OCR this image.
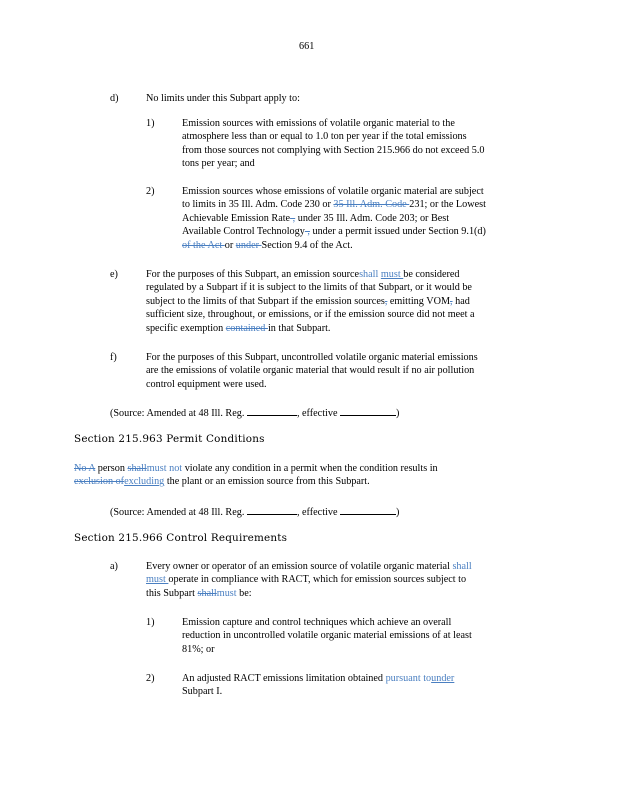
661
d)	No limits under this Subpart apply to:
1)	Emission sources with emissions of volatile organic material to the
atmosphere less than or equal to 1.0 ton per year if the total emissions
from those sources not complying with Section 215.966 do not exceed 5.0
tons per year; and
2)	Emission sources whose emissions of volatile organic material are subject
to limits in 35 Ill. Adm. Code 230 or 35 Ill. Adm. Code 231; or the Lowest
Achievable Emission Rate , under 35 Ill. Adm. Code 203; or Best
Available Control Technology , under a permit issued under Section 9.1(d)
of the Act or under Section 9.4 of the Act.
e)	For the purposes of this Subpart, an emission sourceshall must be considered
regulated by a Subpart if it is subject to the limits of that Subpart, or it would be
subject to the limits of that Subpart if the emission sources, emitting VOM, had
sufficient size, throughout, or emissions, or if the emission source did not meet a
specific exemption contained in that Subpart.
f)	For the purposes of this Subpart, uncontrolled volatile organic material emissions
are the emissions of volatile organic material that would result if no air pollution
control equipment were used.
(Source: Amended at 48 Ill. Reg.	, effective	)
Section 215.963 Permit Conditions
No A person shallmust not violate any condition in a permit when the condition results in
exclusion ofexcluding the plant or an emission source from this Subpart.
(Source: Amended at 48 Ill. Reg.	, effective	)
Section 215.966 Control Requirements
a)	Every owner or operator of an emission source of volatile organic material shall
must operate in compliance with RACT, which for emission sources subject to
this Subpart shallmust be:
1)	Emission capture and control techniques which achieve an overall
reduction in uncontrolled volatile organic material emissions of at least
81%; or
2)	An adjusted RACT emissions limitation obtained pursuant tounder
Subpart I.
